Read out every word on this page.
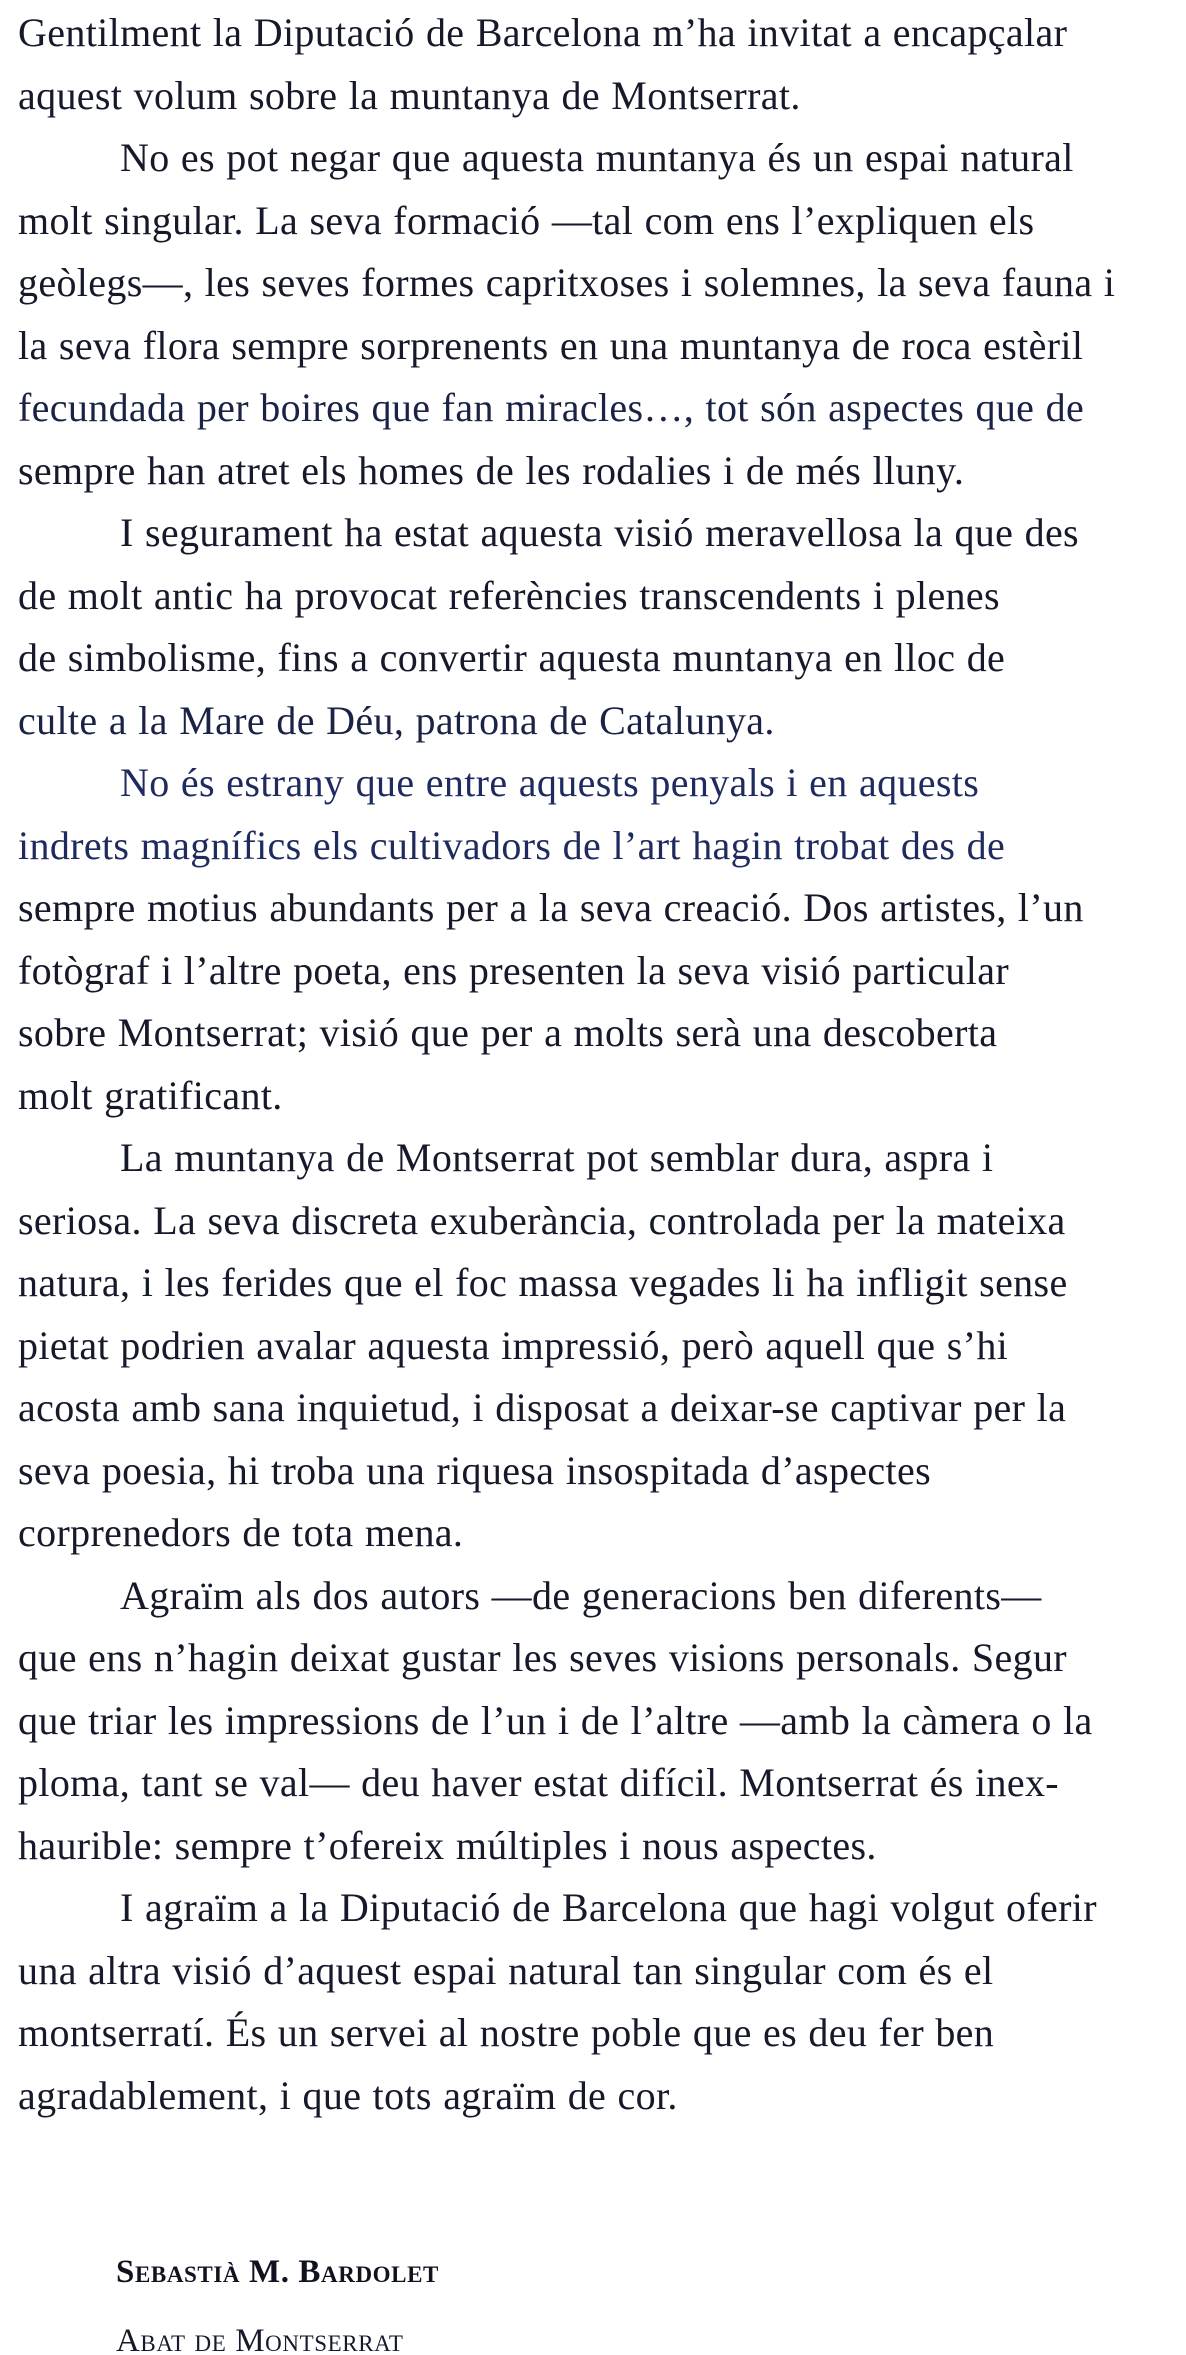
Gentilment la Diputació de Barcelona m’ha invitat a encapçalar
aquest volum sobre la muntanya de Montserrat.
No es pot negar que aquesta muntanya és un espai natural
molt singular. La seva formació —tal com ens l’expliquen els
geòlegs—, les seves formes capritxoses i solemnes, la seva fauna i
la seva flora sempre sorprenents en una muntanya de roca estèril
fecundada per boires que fan miracles…, tot són aspectes que de
sempre han atret els homes de les rodalies i de més lluny.
I segurament ha estat aquesta visió meravellosa la que des
de molt antic ha provocat referències transcendents i plenes
de simbolisme, fins a convertir aquesta muntanya en lloc de
culte a la Mare de Déu, patrona de Catalunya.
No és estrany que entre aquests penyals i en aquests
indrets magnífics els cultivadors de l’art hagin trobat des de
sempre motius abundants per a la seva creació. Dos artistes, l’un
fotògraf i l’altre poeta, ens presenten la seva visió particular
sobre Montserrat; visió que per a molts serà una descoberta
molt gratificant.
La muntanya de Montserrat pot semblar dura, aspra i
seriosa. La seva discreta exuberància, controlada per la mateixa
natura, i les ferides que el foc massa vegades li ha infligit sense
pietat podrien avalar aquesta impressió, però aquell que s’hi
acosta amb sana inquietud, i disposat a deixar-se captivar per la
seva poesia, hi troba una riquesa insospitada d’aspectes
corprenedors de tota mena.
Agraïm als dos autors —de generacions ben diferents—
que ens n’hagin deixat gustar les seves visions personals. Segur
que triar les impressions de l’un i de l’altre —amb la càmera o la
ploma, tant se val— deu haver estat difícil. Montserrat és inex-
haurible: sempre t’ofereix múltiples i nous aspectes.
I agraïm a la Diputació de Barcelona que hagi volgut oferir
una altra visió d’aquest espai natural tan singular com és el
montserratí. És un servei al nostre poble que es deu fer ben
agradablement, i que tots agraïm de cor.
Sebastià M. Bardolet
Abat de Montserrat
